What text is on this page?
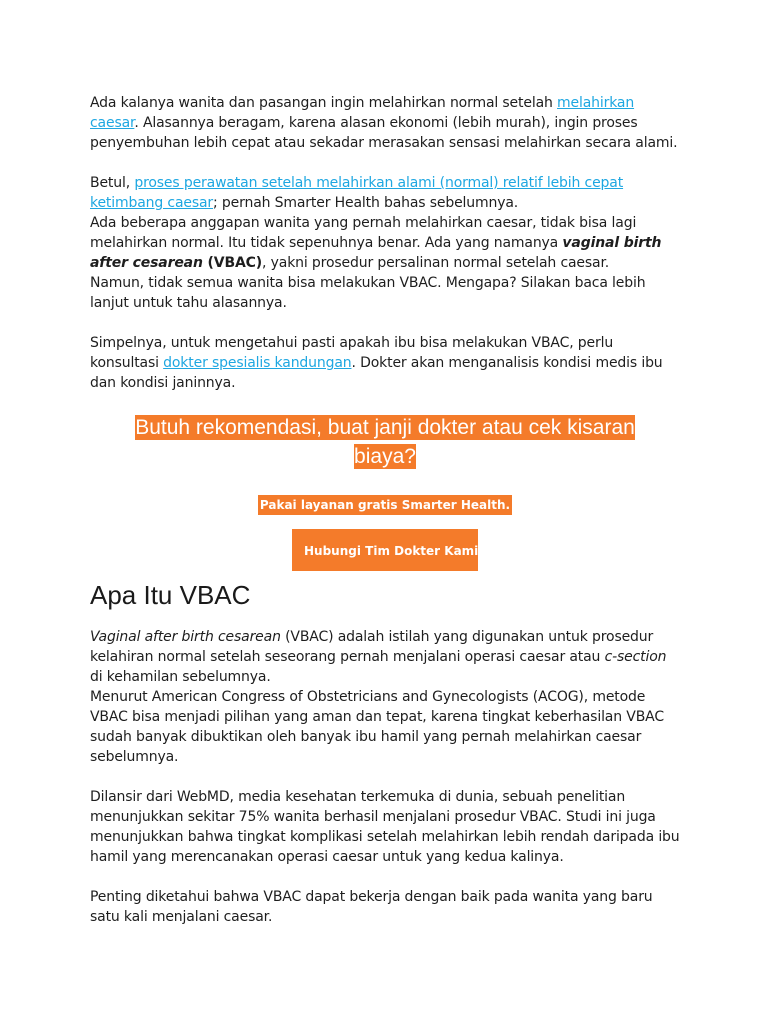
Ada kalanya wanita dan pasangan ingin melahirkan normal setelah melahirkan caesar. Alasannya beragam, karena alasan ekonomi (lebih murah), ingin proses penyembuhan lebih cepat atau sekadar merasakan sensasi melahirkan secara alami.

Betul, proses perawatan setelah melahirkan alami (normal) relatif lebih cepat ketimbang caesar; pernah Smarter Health bahas sebelumnya.

Ada beberapa anggapan wanita yang pernah melahirkan caesar, tidak bisa lagi melahirkan normal. Itu tidak sepenuhnya benar. Ada yang namanya vaginal birth after cesarean (VBAC), yakni prosedur persalinan normal setelah caesar.

Namun, tidak semua wanita bisa melakukan VBAC. Mengapa? Silakan baca lebih lanjut untuk tahu alasannya.

Simpelnya, untuk mengetahui pasti apakah ibu bisa melakukan VBAC, perlu konsultasi dokter spesialis kandungan. Dokter akan menganalisis kondisi medis ibu dan kondisi janinnya.

Butuh rekomendasi, buat janji dokter atau cek kisaran biaya?
Pakai layanan gratis Smarter Health.
Hubungi Tim Dokter Kami
Apa Itu VBAC

Vaginal after birth cesarean (VBAC) adalah istilah yang digunakan untuk prosedur kelahiran normal setelah seseorang pernah menjalani operasi caesar atau c-section di kehamilan sebelumnya.

Menurut American Congress of Obstetricians and Gynecologists (ACOG), metode VBAC bisa menjadi pilihan yang aman dan tepat, karena tingkat keberhasilan VBAC sudah banyak dibuktikan oleh banyak ibu hamil yang pernah melahirkan caesar sebelumnya.

Dilansir dari WebMD, media kesehatan terkemuka di dunia, sebuah penelitian menunjukkan sekitar 75% wanita berhasil menjalani prosedur VBAC. Studi ini juga menunjukkan bahwa tingkat komplikasi setelah melahirkan lebih rendah daripada ibu hamil yang merencanakan operasi caesar untuk yang kedua kalinya.

Penting diketahui bahwa VBAC dapat bekerja dengan baik pada wanita yang baru satu kali menjalani caesar.
